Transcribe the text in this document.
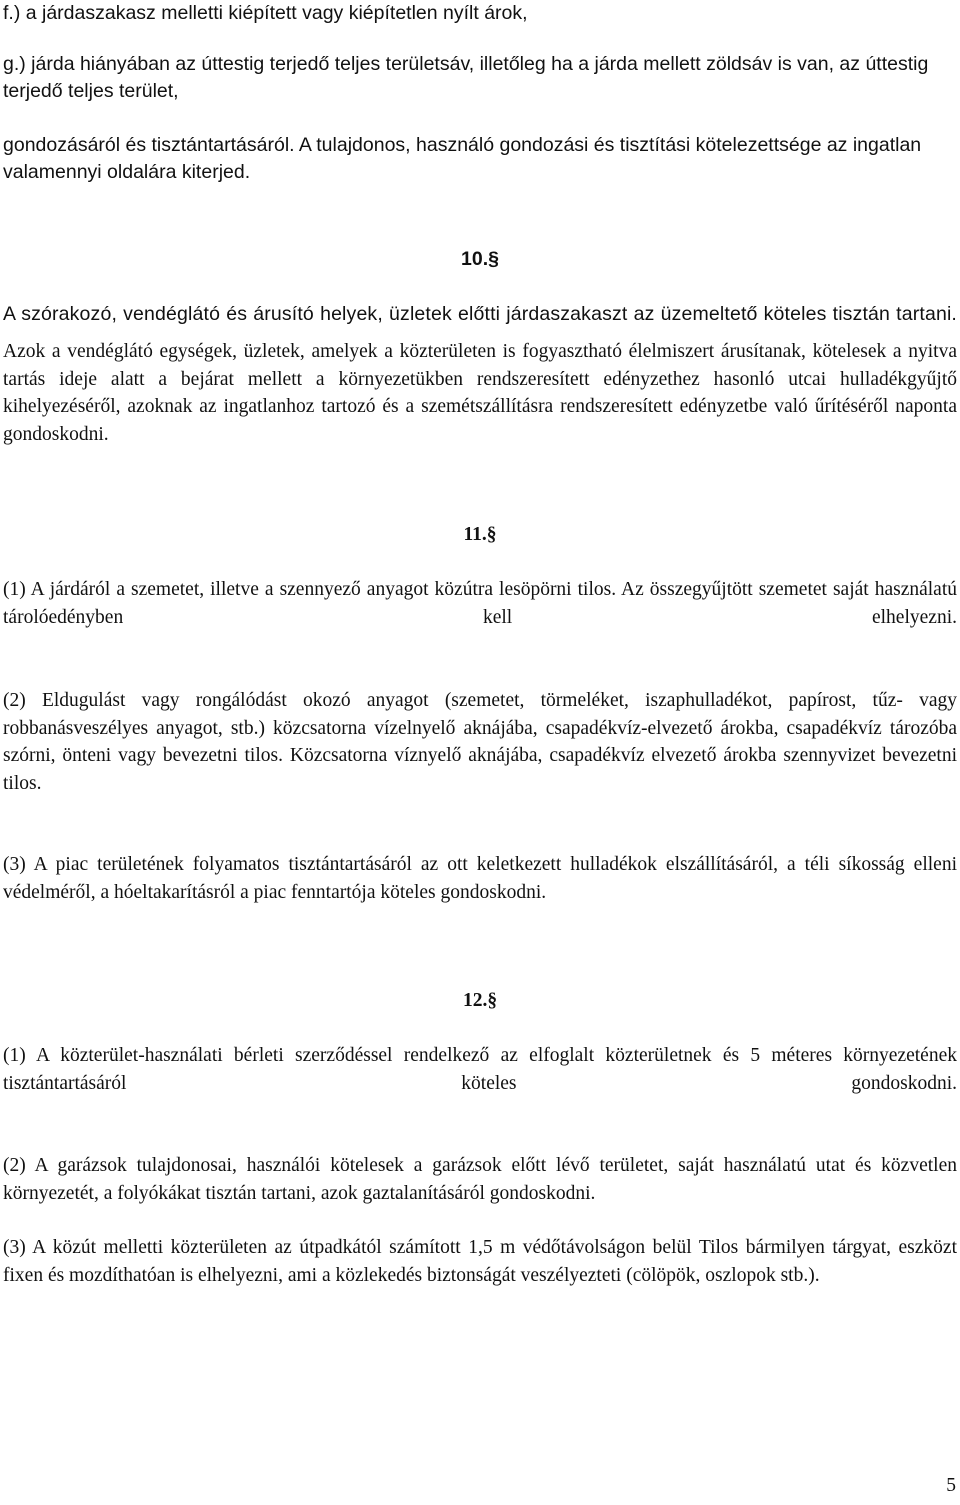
f.) a járdaszakasz melletti kiépített vagy kiépítetlen nyílt árok,

g.) járda hiányában az úttestig terjedő teljes területsáv, illetőleg ha a járda mellett zöldsáv is van, az úttestig terjedő teljes terület,

gondozásáról és tisztántartásáról. A tulajdonos, használó gondozási és tisztítási kötelezettsége az ingatlan valamennyi oldalára kiterjed.

10.§

A szórakozó, vendéglátó és árusító helyek, üzletek előtti járdaszakaszt az üzemeltető köteles tisztán tartani.

Azok a vendéglátó egységek, üzletek, amelyek a közterületen is fogyasztható élelmiszert árusítanak, kötelesek a nyitva tartás ideje alatt a bejárat mellett a környezetükben rendszeresített edényzethez hasonló utcai hulladékgyűjtő kihelyezéséről, azoknak az ingatlanhoz tartozó és a szemétszállításra rendszeresített edényzetbe való űrítéséről naponta gondoskodni.

11.§

(1) A járdáról a szemetet, illetve a szennyező anyagot közútra lesöpörni tilos. Az összegyűjtött szemetet saját használatú tárolóedényben kell elhelyezni.

(2) Eldugulást vagy rongálódást okozó anyagot (szemetet, törmeléket, iszaphulladékot, papírost, tűz- vagy robbanásveszélyes anyagot, stb.) közcsatorna vízelnyelő aknájába, csapadékvíz-elvezető árokba, csapadékvíz tározóba szórni, önteni vagy bevezetni tilos. Közcsatorna víznyelő aknájába, csapadékvíz elvezető árokba szennyvizet bevezetni tilos.

(3) A piac területének folyamatos tisztántartásáról az ott keletkezett hulladékok elszállításáról, a téli síkosság elleni védelméről, a hóeltakarításról a piac fenntartója köteles gondoskodni.

12.§

(1) A közterület-használati bérleti szerződéssel rendelkező az elfoglalt közterületnek és 5 méteres környezetének tisztántartásáról köteles gondoskodni.

(2) A garázsok tulajdonosai, használói kötelesek a garázsok előtt lévő területet, saját használatú utat és közvetlen környezetét, a folyókákat tisztán tartani, azok gaztalanításáról gondoskodni.

(3) A közút melletti közterületen az útpadkától számított 1,5 m védőtávolságon belül Tilos bármilyen tárgyat, eszközt fixen és mozdíthatóan is elhelyezni, ami a közlekedés biztonságát veszélyezteti (cölöpök, oszlopok stb.).

5
